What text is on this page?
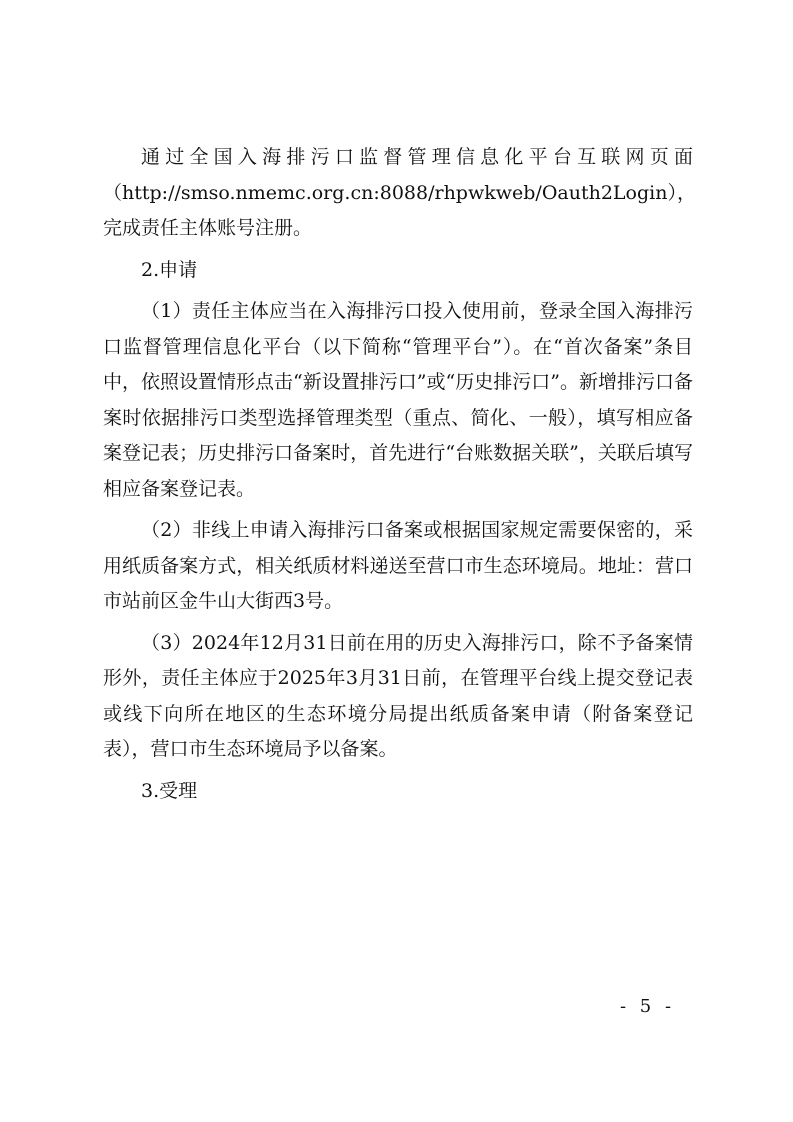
通过全国入海排污口监督管理信息化平台互联网页面（http://smso.nmemc.org.cn:8088/rhpwkweb/Oauth2Login），完成责任主体账号注册。

2.申请

（1）责任主体应当在入海排污口投入使用前，登录全国入海排污口监督管理信息化平台（以下简称“管理平台”）。在“首次备案”条目中，依照设置情形点击“新设置排污口”或“历史排污口”。新增排污口备案时依据排污口类型选择管理类型（重点、简化、一般），填写相应备案登记表；历史排污口备案时，首先进行“台账数据关联”，关联后填写相应备案登记表。

（2）非线上申请入海排污口备案或根据国家规定需要保密的，采用纸质备案方式，相关纸质材料递送至营口市生态环境局。地址：营口市站前区金牛山大街西3号。

（3）2024年12月31日前在用的历史入海排污口，除不予备案情形外，责任主体应于2025年3月31日前，在管理平台线上提交登记表或线下向所在地区的生态环境分局提出纸质备案申请（附备案登记表），营口市生态环境局予以备案。

3.受理

- 5 -
